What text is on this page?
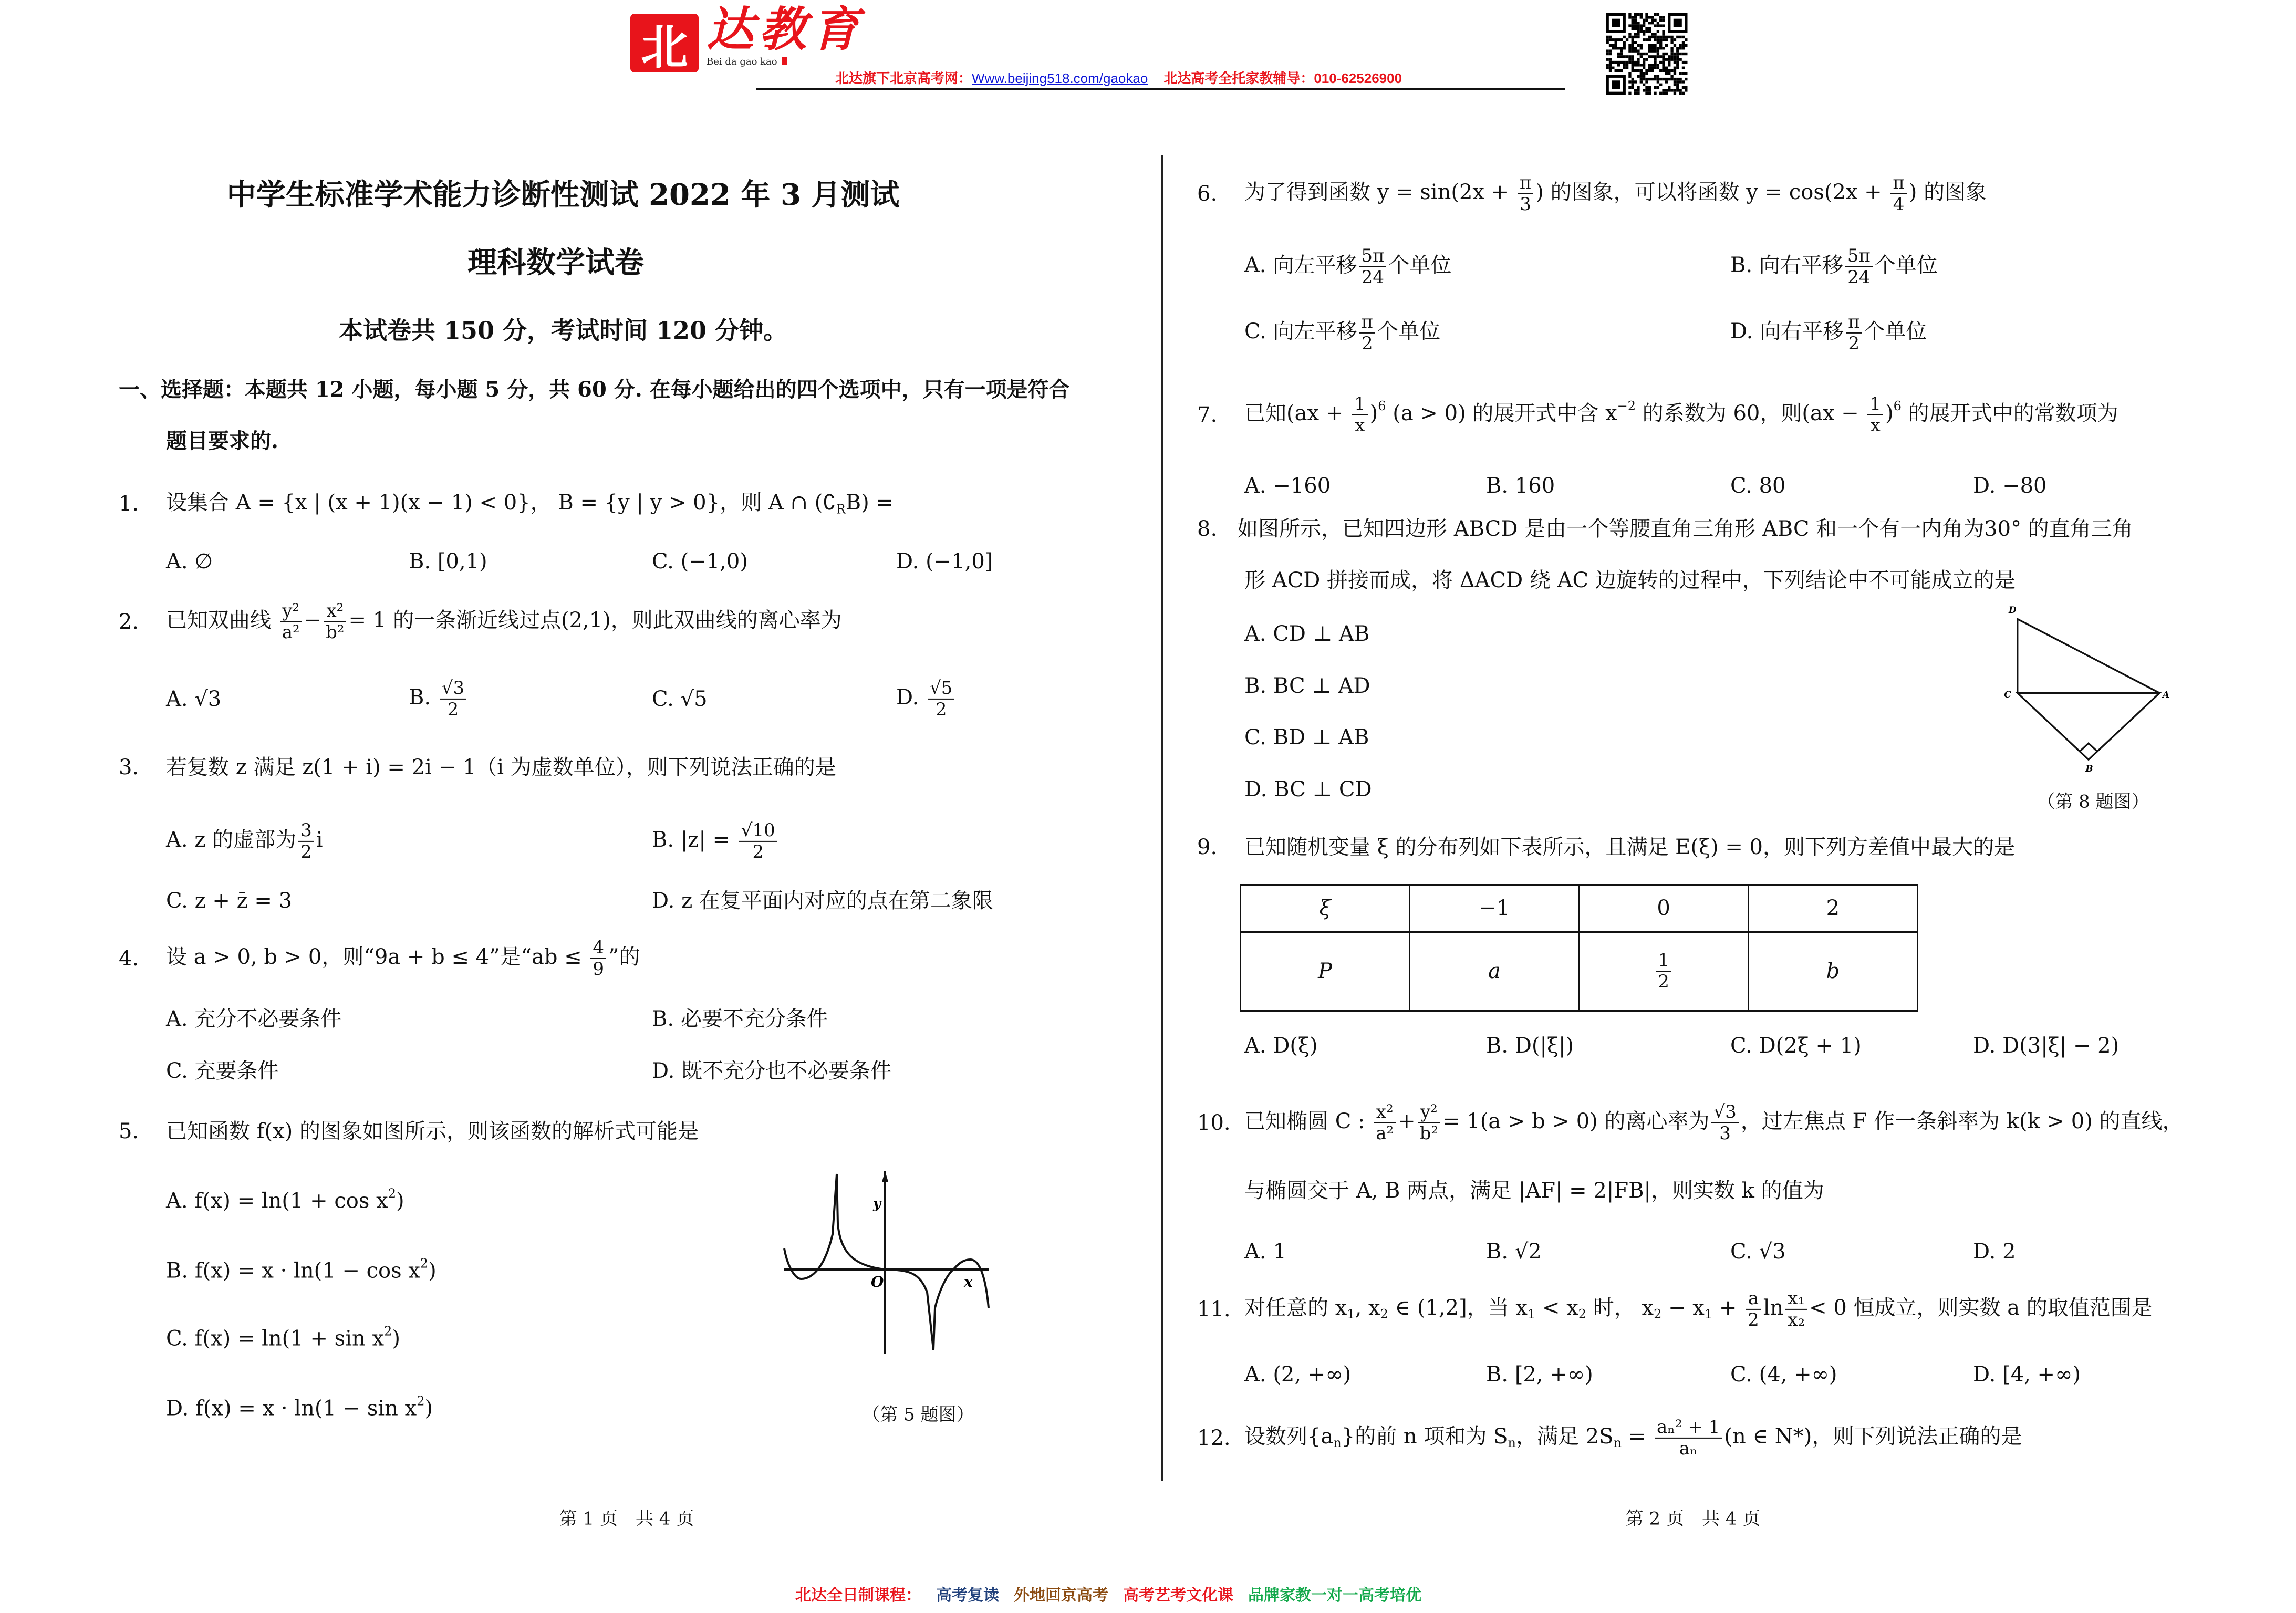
北 达教育
Bei da gao kao
北达旗下北京高考网：Www.beijing518.com/gaokao 北达高考全托家教辅导：010-62526900
中学生标准学术能力诊断性测试 2022 年 3 月测试
理科数学试卷
本试卷共 150 分，考试时间 120 分钟。
一、选择题：本题共 12 小题，每小题 5 分，共 60 分. 在每小题给出的四个选项中，只有一项是符合
题目要求的.
1. 设集合 A = {x | (x + 1)(x − 1) < 0}， B = {y | y > 0}，则 A ∩ $(∁_RB)$ =
A. ∅	B. [0,1)	C. (−1,0)	D. (−1,0]
2. 已知双曲线 $\frac{\text{y²}}{\text{a²}} - \frac{\text{x²}}{\text{b²}} = 1$ 的一条渐近线过点(2,1)，则此双曲线的离心率为
A. √3	B. $\frac{√3}{2}$	C. √5	D. $\frac{√5}{2}$
3. 若复数 z 满足 z(1 + i) = 2i − 1（i 为虚数单位），则下列说法正确的是
A. z 的虚部为 $\frac{3}{2}$ i	B. $|z| = \frac{√10}{2}$
C. z + z̄ = 3	D. z 在复平面内对应的点在第二象限
4. 设 a > 0, b > 0，则“9a + b ≤ 4”是“ab ≤ $\frac{4}{9}$ ”的
A. 充分不必要条件	B. 必要不充分条件
C. 充要条件	D. 既不充分也不必要条件
5. 已知函数 f(x) 的图象如图所示，则该函数的解析式可能是
A. $f(x) = \ln(1 + \cos x^2)$
B. $f(x) = x \cdot \ln(1 - \cos x^2)$
C. $f(x) = \ln(1 + \sin x^2)$
D. $f(x) = x \cdot \ln(1 - \sin x^2)$
y
O	x
（第 5 题图）
第 1 页　共 4 页
6. 为了得到函数 $y = \sin(2x + \frac{\pi}{3}$ ) 的图象，可以将函数 $y = \cos(2x + \frac{\pi}{4}$ ) 的图象
A. 向左平移 $\frac{5\pi}{24}$ 个单位	B. 向右平移 $\frac{5\pi}{24}$ 个单位
C. 向左平移 $\frac{\pi}{2}$ 个单位	D. 向右平移 $\frac{\pi}{2}$ 个单位
7. 已知$(ax + \frac{1}{x} )^6$ (a > 0) 的展开式中含 $x^{-2}$ 的系数为 60，则$(ax - \frac{1}{x} )^6$ 的展开式中的常数项为
A. −160	B. 160	C. 80	D. −80
8. 如图所示，已知四边形 ABCD 是由一个等腰直角三角形 ABC 和一个有一内角为30° 的直角三角
形 ACD 拼接而成，将 ΔACD 绕 AC 边旋转的过程中，下列结论中不可能成立的是
A. CD ⊥ AB
B. BC ⊥ AD
C. BD ⊥ AB
D. BC ⊥ CD
D
C	A
B
（第 8 题图）
9. 已知随机变量 ξ 的分布列如下表所示，且满足 E(ξ) = 0，则下列方差值中最大的是
ξ	−1	0	2
P	a	$\frac{1}{2}$	b
A. D(ξ)	B. D(|ξ|)	C. D(2ξ + 1)	D. D(3|ξ| − 2)
10. 已知椭圆 C : $\frac{\text{x²}}{\text{a²}} + \frac{\text{y²}}{\text{b²}} = 1(a > b > 0)$ 的离心率为 $\frac{√3}{3}$ ，过左焦点 F 作一条斜率为 k(k > 0) 的直线，
与椭圆交于 A, B 两点，满足 |AF| = 2|FB|，则实数 k 的值为
A. 1	B. √2	C. √3	D. 2
11. 对任意的 $x_1$, $x_2$ ∈ (1,2]，当 $x_1 < x_2$ 时， $x_2 - x_1 + \frac{a}{2}$ $\ln \frac{\text{x₁}}{\text{x₂}} < 0$ 恒成立，则实数 a 的取值范围是
A. (2, +∞)	B. [2, +∞)	C. (4, +∞)	D. [4, +∞)
12. 设数列$\{a_n\}$的前 n 项和为 $S_n$，满足 $2S_n = \frac{\text{aₙ² + 1}}{\text{aₙ}} (n$ ∈ N*)，则下列说法正确的是
第 2 页　共 4 页
北达全日制课程： 高考复读 外地回京高考 高考艺考文化课 品牌家教一对一高考培优
